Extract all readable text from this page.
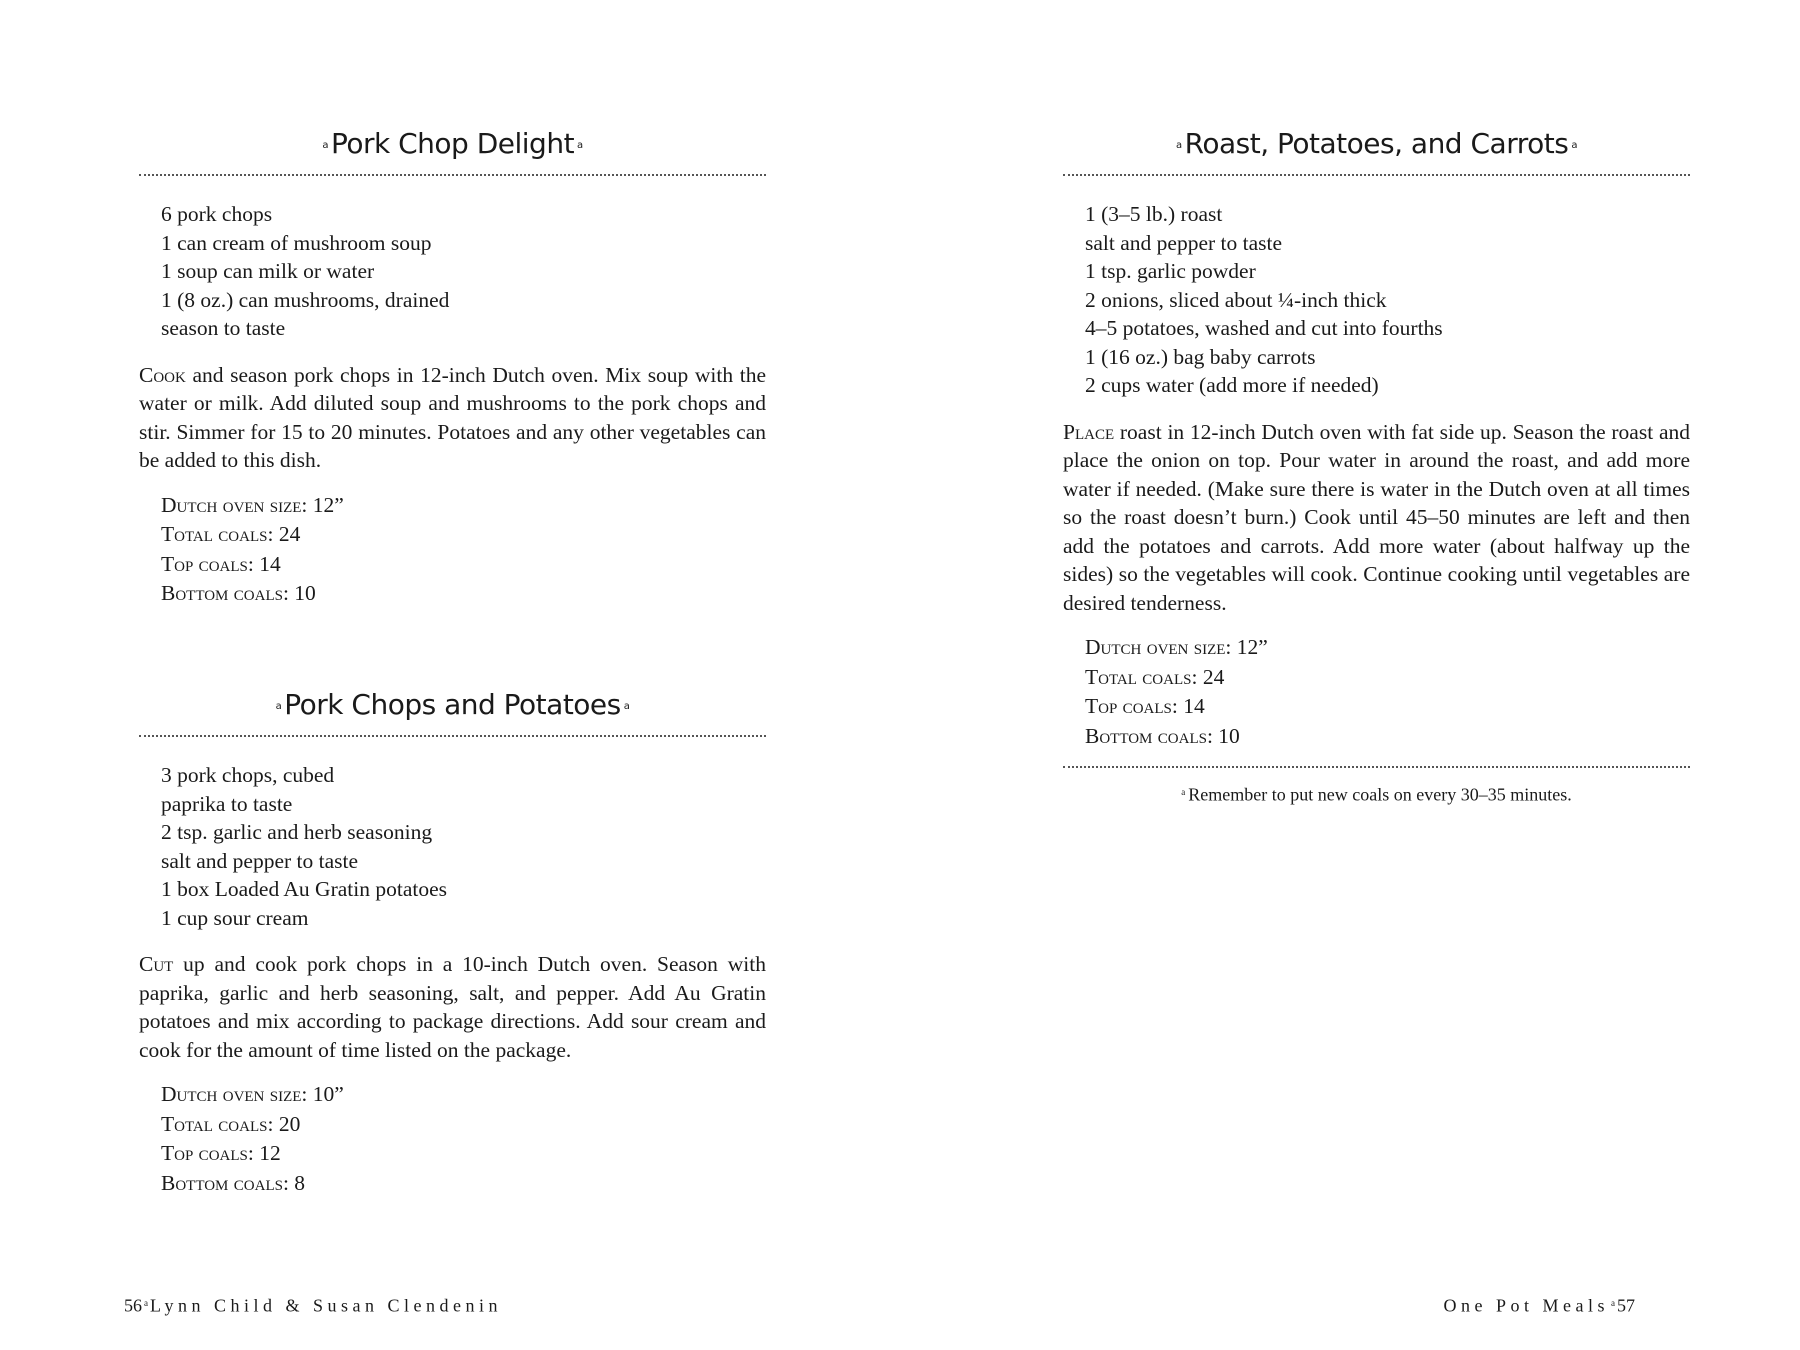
a Pork Chop Delight a
6 pork chops
1 can cream of mushroom soup
1 soup can milk or water
1 (8 oz.) can mushrooms, drained
season to taste

Cook and season pork chops in 12-inch Dutch oven. Mix soup with the water or milk. Add diluted soup and mushrooms to the pork chops and stir. Simmer for 15 to 20 minutes. Potatoes and any other vegetables can be added to this dish.

Dutch oven size: 12”
Total coals: 24
Top coals: 14
Bottom coals: 10
a Pork Chops and Potatoes a
3 pork chops, cubed
paprika to taste
2 tsp. garlic and herb seasoning
salt and pepper to taste
1 box Loaded Au Gratin potatoes
1 cup sour cream

Cut up and cook pork chops in a 10-inch Dutch oven. Season with paprika, garlic and herb seasoning, salt, and pepper. Add Au Gratin potatoes and mix according to package directions. Add sour cream and cook for the amount of time listed on the package.

Dutch oven size: 10”
Total coals: 20
Top coals: 12
Bottom coals: 8
56 $^a$ Lynn Child & Susan Clendenin
a Roast, Potatoes, and Carrots a
1 (3–5 lb.) roast
salt and pepper to taste
1 tsp. garlic powder
2 onions, sliced about ¼-inch thick
4–5 potatoes, washed and cut into fourths
1 (16 oz.) bag baby carrots
2 cups water (add more if needed)

Place roast in 12-inch Dutch oven with fat side up. Season the roast and place the onion on top. Pour water in around the roast, and add more water if needed. (Make sure there is water in the Dutch oven at all times so the roast doesn’t burn.) Cook until 45–50 minutes are left and then add the potatoes and carrots. Add more water (about halfway up the sides) so the vegetables will cook. Continue cooking until vegetables are desired tenderness.

Dutch oven size: 12”
Total coals: 24
Top coals: 14
Bottom coals: 10
$^a$ Remember to put new coals on every 30–35 minutes.
One Pot Meals $^a$ 57
